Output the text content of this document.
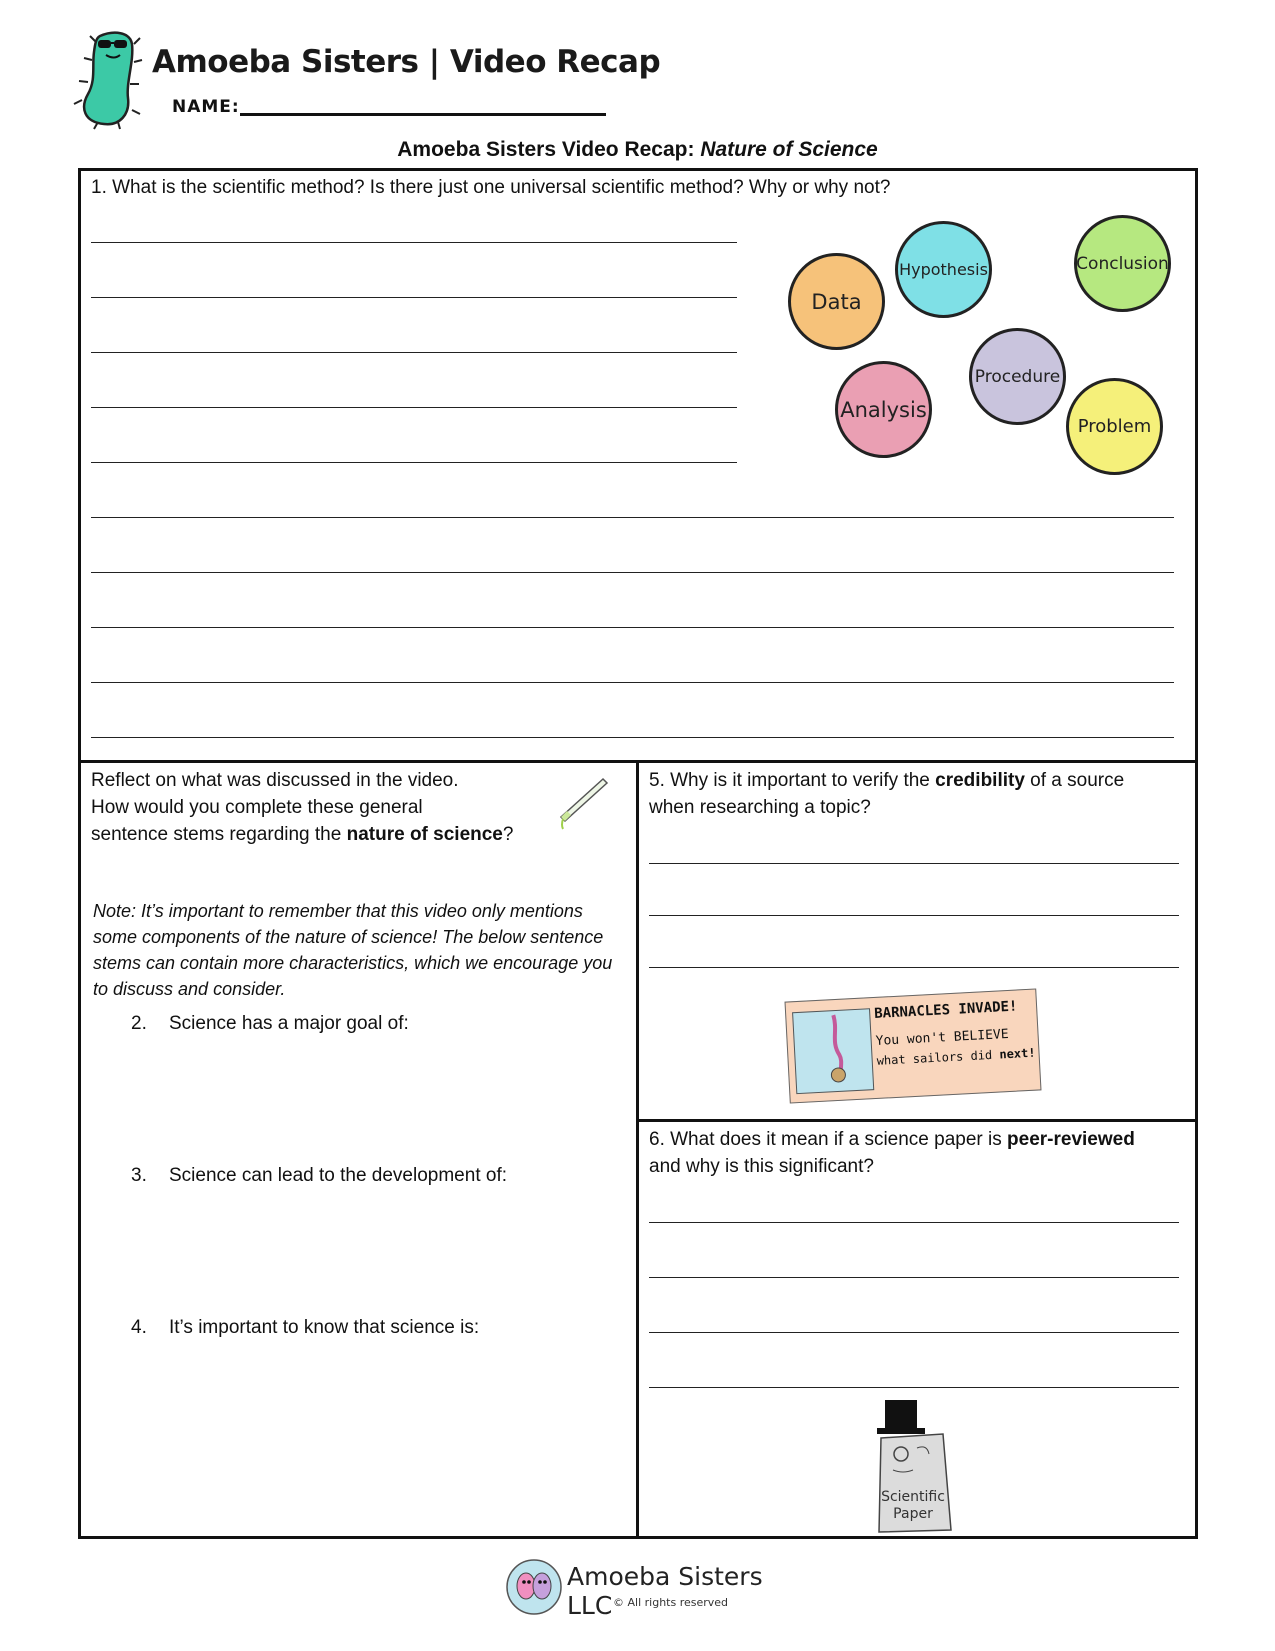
Amoeba Sisters | Video Recap
NAME:
Amoeba Sisters Video Recap: Nature of Science
1. What is the scientific method? Is there just one universal scientific method? Why or why not?
Data
Hypothesis	Conclusion
Procedure
Analysis
Problem
Reflect on what was discussed in the video.
How would you complete these general
sentence stems regarding the nature of science?
Note: It’s important to remember that this video only mentions some components of the nature of science! The below sentence stems can contain more characteristics, which we encourage you to discuss and consider.
2. Science has a major goal of:
3. Science can lead to the development of:
4. It’s important to know that science is:
5. Why is it important to verify the credibility of a source
when researching a topic?
BARNACLES INVADE!
You won't BELIEVE
what sailors did next!
6. What does it mean if a science paper is peer-reviewed
and why is this significant?
Scientific
Paper
Amoeba Sisters LLC © All rights reserved
